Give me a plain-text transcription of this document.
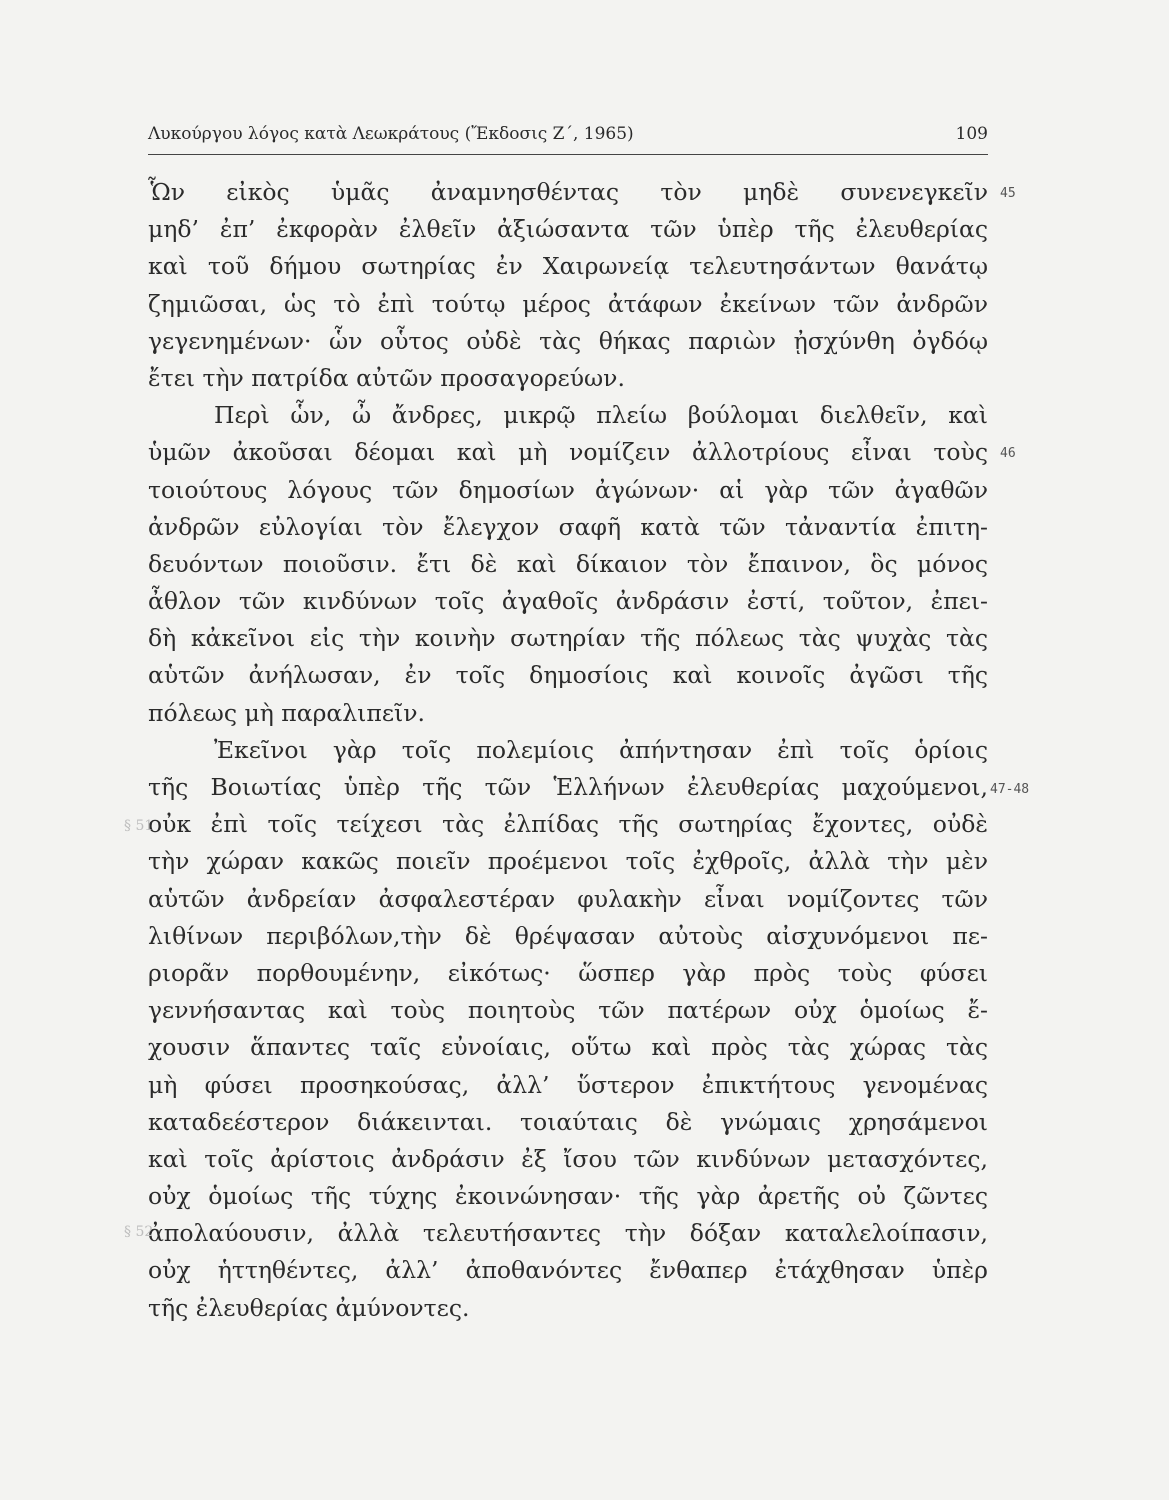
Λυκούργου λόγος κατὰ Λεωκράτους (Ἔκδοσις Ζ΄, 1965)	109
Ὧν εἰκὸς ὑμᾶς ἀναμνησθέντας τὸν μηδὲ συνενεγκεῖν
μηδ’ ἐπ’ ἐκφορὰν ἐλθεῖν ἀξιώσαντα τῶν ὑπὲρ τῆς ἐλευθερίας
καὶ τοῦ δήμου σωτηρίας ἐν Χαιρωνείᾳ τελευτησάντων θανάτῳ
ζημιῶσαι, ὡς τὸ ἐπὶ τούτῳ μέρος ἀτάφων ἐκείνων τῶν ἀνδρῶν
γεγενημένων· ὧν οὗτος οὐδὲ τὰς θήκας παριὼν ᾐσχύνθη ὀγδόῳ
ἔτει τὴν πατρίδα αὐτῶν προσαγορεύων.
Περὶ ὧν, ὦ ἄνδρες, μικρῷ πλείω βούλομαι διελθεῖν, καὶ
ὑμῶν ἀκοῦσαι δέομαι καὶ μὴ νομίζειν ἀλλοτρίους εἶναι τοὺς
τοιούτους λόγους τῶν δημοσίων ἀγώνων· αἱ γὰρ τῶν ἀγαθῶν
ἀνδρῶν εὐλογίαι τὸν ἔλεγχον σαφῆ κατὰ τῶν τἀναντία ἐπιτη-
δευόντων ποιοῦσιν. ἔτι δὲ καὶ δίκαιον τὸν ἔπαινον, ὃς μόνος
ἆθλον τῶν κινδύνων τοῖς ἀγαθοῖς ἀνδράσιν ἐστί, τοῦτον, ἐπει-
δὴ κἀκεῖνοι εἰς τὴν κοινὴν σωτηρίαν τῆς πόλεως τὰς ψυχὰς τὰς
αὑτῶν ἀνήλωσαν, ἐν τοῖς δημοσίοις καὶ κοινοῖς ἀγῶσι τῆς
πόλεως μὴ παραλιπεῖν.
Ἐκεῖνοι γὰρ τοῖς πολεμίοις ἀπήντησαν ἐπὶ τοῖς ὁρίοις
τῆς Βοιωτίας ὑπὲρ τῆς τῶν Ἑλλήνων ἐλευθερίας μαχούμενοι,
οὐκ ἐπὶ τοῖς τείχεσι τὰς ἐλπίδας τῆς σωτηρίας ἔχοντες, οὐδὲ
τὴν χώραν κακῶς ποιεῖν προέμενοι τοῖς ἐχθροῖς, ἀλλὰ τὴν μὲν
αὑτῶν ἀνδρείαν ἀσφαλεστέραν φυλακὴν εἶναι νομίζοντες τῶν
λιθίνων περιβόλων,τὴν δὲ θρέψασαν αὐτοὺς αἰσχυνόμενοι πε-
ριορᾶν πορθουμένην, εἰκότως· ὥσπερ γὰρ πρὸς τοὺς φύσει
γεννήσαντας καὶ τοὺς ποιητοὺς τῶν πατέρων οὐχ ὁμοίως ἔ-
χουσιν ἅπαντες ταῖς εὐνοίαις, οὕτω καὶ πρὸς τὰς χώρας τὰς
μὴ φύσει προσηκούσας, ἀλλ’ ὕστερον ἐπικτήτους γενομένας
καταδεέστερον διάκεινται. τοιαύταις δὲ γνώμαις χρησάμενοι
καὶ τοῖς ἀρίστοις ἀνδράσιν ἐξ ἴσου τῶν κινδύνων μετασχόντες,
οὐχ ὁμοίως τῆς τύχης ἐκοινώνησαν· τῆς γὰρ ἀρετῆς οὐ ζῶντες
ἀπολαύουσιν, ἀλλὰ τελευτήσαντες τὴν δόξαν καταλελοίπασιν,
οὐχ ἡττηθέντες, ἀλλ’ ἀποθανόντες ἔνθαπερ ἐτάχθησαν ὑπὲρ
τῆς ἐλευθερίας ἀμύνοντες.
45
46
47-48
§ 51
§ 52
